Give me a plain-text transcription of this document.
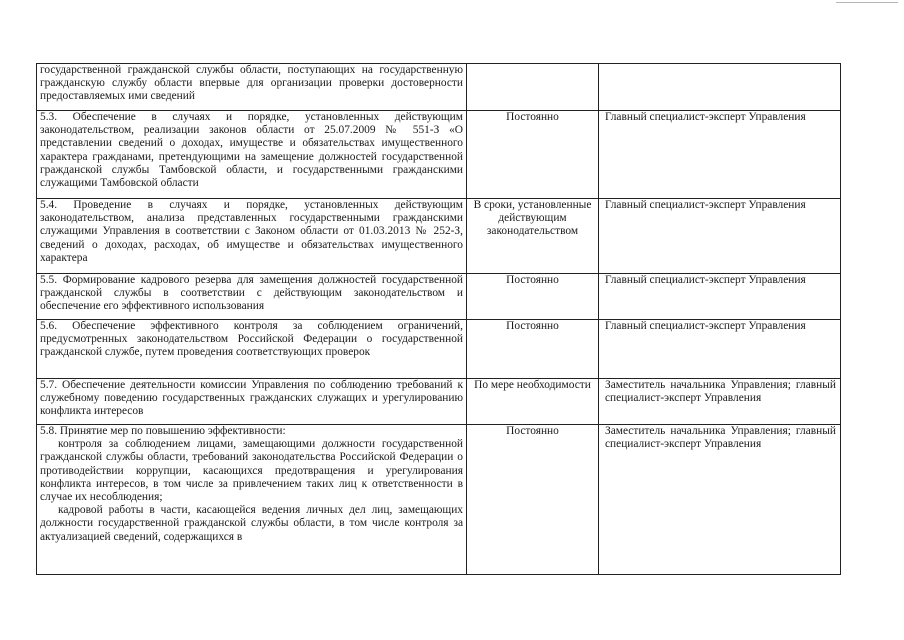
государственной гражданской службы области, поступающих на государственную гражданскую службу области впервые для организации проверки достоверности предоставляемых ими сведений		
5.3. Обеспечение в случаях и порядке, установленных действующим законодательством, реализации законов области от 25.07.2009 № 551-З «О представлении сведений о доходах, имуществе и обязательствах имущественного характера гражданами, претендующими на замещение должностей государственной гражданской службы Тамбовской области, и государственными гражданскими служащими Тамбовской области	Постоянно	Главный специалист-эксперт Управления
5.4. Проведение в случаях и порядке, установленных действующим законодательством, анализа представленных государственными гражданскими служащими Управления в соответствии с Законом области от 01.03.2013 № 252-З, сведений о доходах, расходах, об имуществе и обязательствах имущественного характера	В сроки, установленные действующим законодательством	Главный специалист-эксперт Управления
5.5. Формирование кадрового резерва для замещения должностей государственной гражданской службы в соответствии с действующим законодательством и обеспечение его эффективного использования	Постоянно	Главный специалист-эксперт Управления
5.6. Обеспечение эффективного контроля за соблюдением ограничений, предусмотренных законодательством Российской Федерации о государственной гражданской службе, путем проведения соответствующих проверок	Постоянно	Главный специалист-эксперт Управления
5.7. Обеспечение деятельности комиссии Управления по соблюдению требований к служебному поведению государственных гражданских служащих и урегулированию конфликта интересов	По мере необходимости	Заместитель начальника Управления; главный специалист-эксперт Управления

5.8. Принятие мер по повышению эффективности:
контроля за соблюдением лицами, замещающими должности государственной гражданской службы области, требований законодательства Российской Федерации о противодействии коррупции, касающихся предотвращения и урегулирования конфликта интересов, в том числе за привлечением таких лиц к ответственности в случае их несоблюдения;
кадровой работы в части, касающейся ведения личных дел лиц, замещающих должности государственной гражданской службы области, в том числе контроля за актуализацией сведений, содержащихся в	Постоянно	Заместитель начальника Управления; главный специалист-эксперт Управления
